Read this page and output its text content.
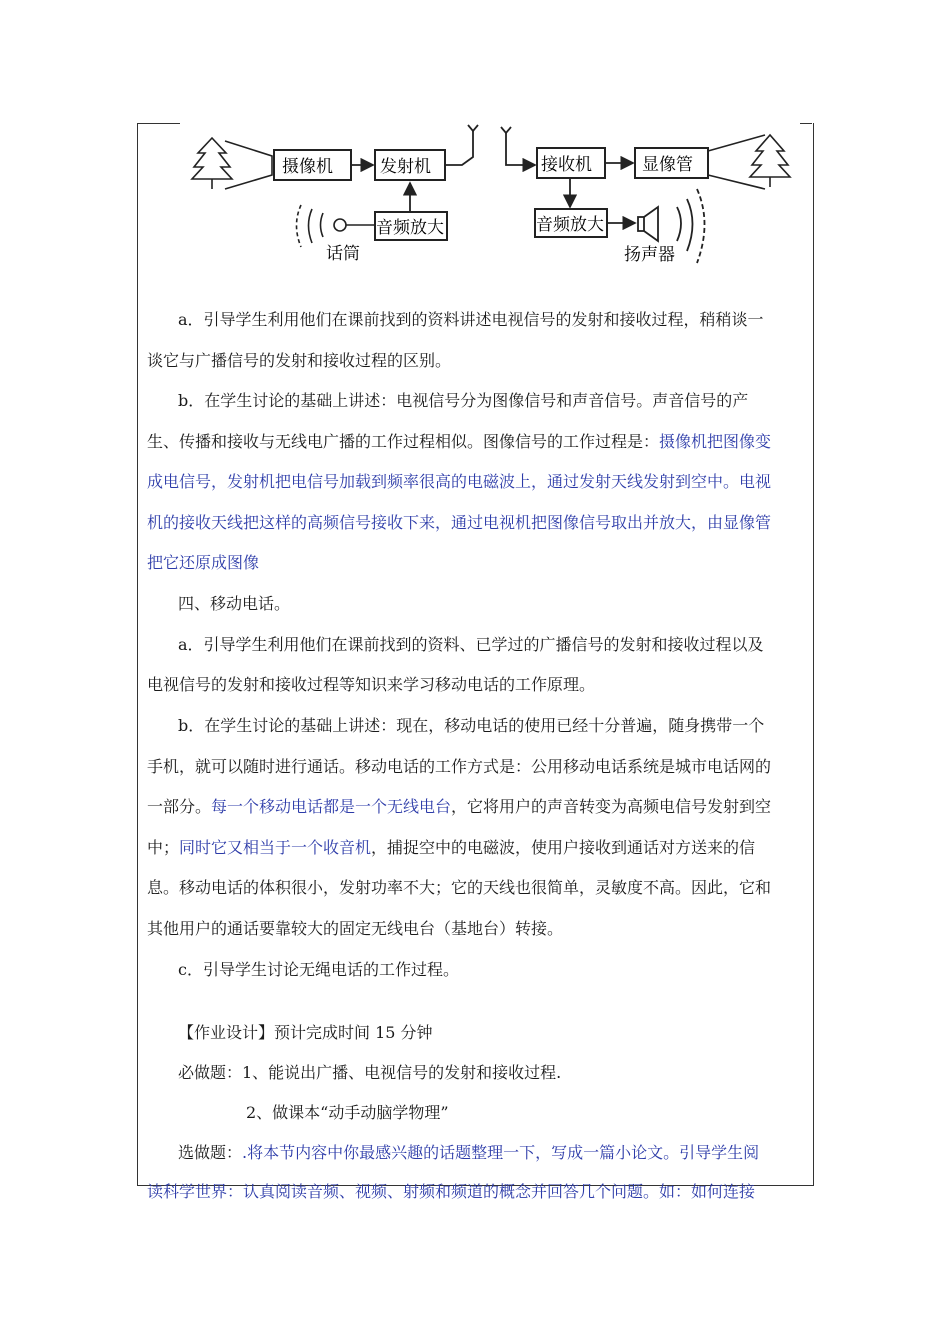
摄像机	发射机
音频放大
话筒
接收机	显像管
音频放大
扬声器
a．引导学生利用他们在课前找到的资料讲述电视信号的发射和接收过程，稍稍谈一
谈它与广播信号的发射和接收过程的区别。
b．在学生讨论的基础上讲述：电视信号分为图像信号和声音信号。声音信号的产
生、传播和接收与无线电广播的工作过程相似。图像信号的工作过程是：摄像机把图像变
成电信号，发射机把电信号加载到频率很高的电磁波上，通过发射天线发射到空中。电视
机的接收天线把这样的高频信号接收下来，通过电视机把图像信号取出并放大，由显像管
把它还原成图像
四、移动电话。
a．引导学生利用他们在课前找到的资料、已学过的广播信号的发射和接收过程以及
电视信号的发射和接收过程等知识来学习移动电话的工作原理。
b．在学生讨论的基础上讲述：现在，移动电话的使用已经十分普遍，随身携带一个
手机，就可以随时进行通话。移动电话的工作方式是：公用移动电话系统是城市电话网的
一部分。每一个移动电话都是一个无线电台，它将用户的声音转变为高频电信号发射到空
中；同时它又相当于一个收音机，捕捉空中的电磁波，使用户接收到通话对方送来的信
息。移动电话的体积很小，发射功率不大；它的天线也很简单，灵敏度不高。因此，它和
其他用户的通话要靠较大的固定无线电台（基地台）转接。
c．引导学生讨论无绳电话的工作过程。
【作业设计】预计完成时间 15 分钟
必做题：1、能说出广播、电视信号的发射和接收过程.
2、做课本“动手动脑学物理”
选做题：.将本节内容中你最感兴趣的话题整理一下，写成一篇小论文。引导学生阅
读科学世界：认真阅读音频、视频、射频和频道的概念并回答几个问题。如：如何连接
